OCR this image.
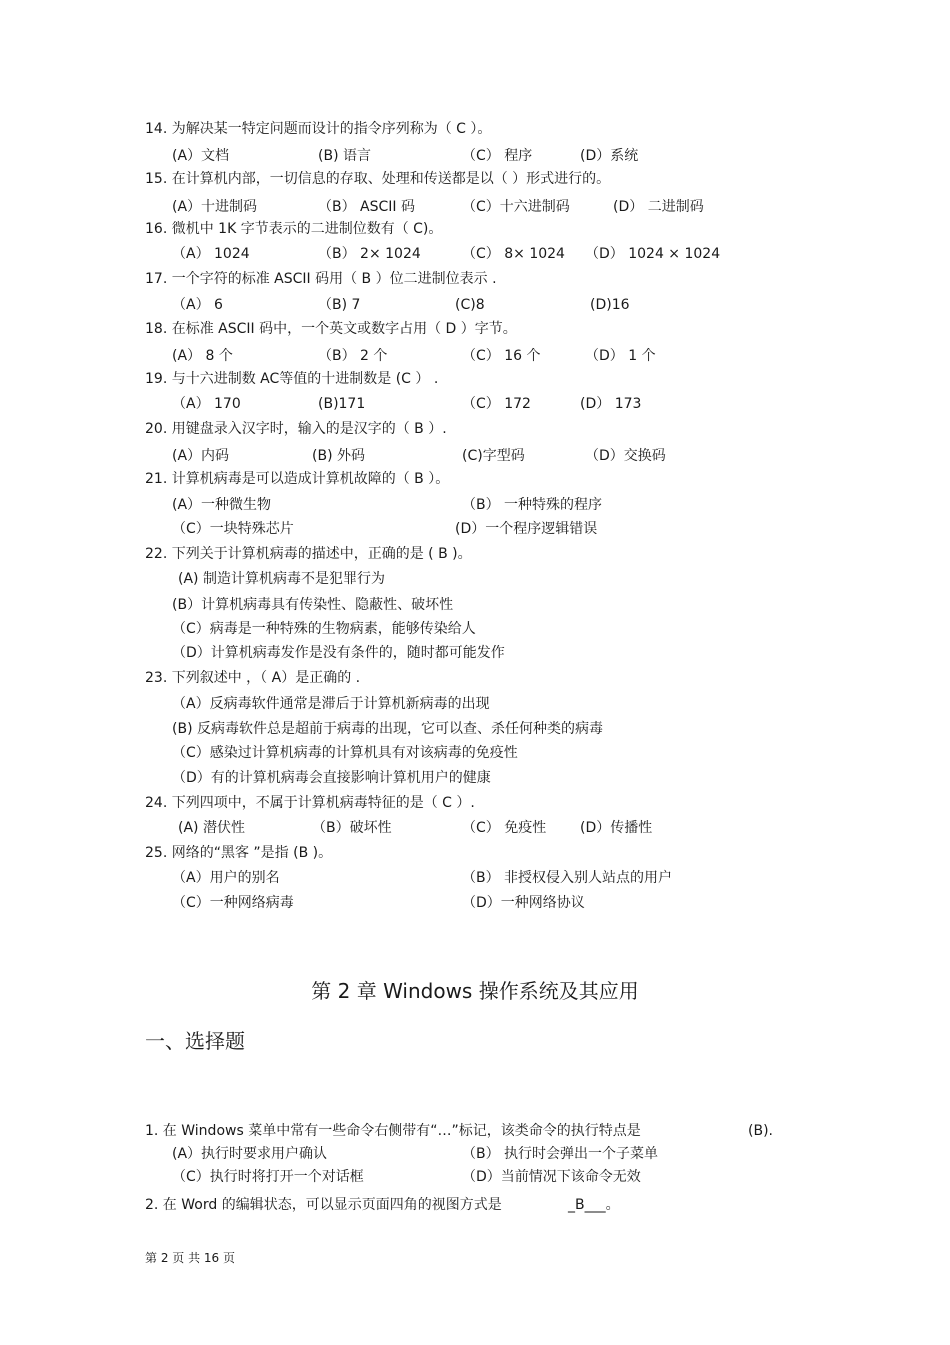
14. 为解决某一特定问题而设计的指令序列称为（ C ）。
(A）文档	(B) 语言	（C） 程序	(D）系统
15. 在计算机内部，一切信息的存取、处理和传送都是以（ ）形式进行的。
(A）十进制码	（B） ASCII 码	（C）十六进制码	(D） 二进制码
16. 微机中 1K 字节表示的二进制位数有（ C)。
（A） 1024	（B） 2× 1024	（C） 8× 1024 （D） 1024 × 1024
17. 一个字符的标准 ASCII 码用（ B ）位二进制位表示 .
（A） 6	（B) 7	(C)8	(D)16
18. 在标准 ASCII 码中，一个英文或数字占用（ D ）字节。
(A） 8 个	（B） 2 个	（C） 16 个	（D） 1 个
19. 与十六进制数 AC等值的十进制数是 (C ） .
（A） 170	(B)171	（C） 172	(D） 173
20. 用键盘录入汉字时，输入的是汉字的（ B ）.
(A）内码	(B) 外码	(C)字型码	（D）交换码
21. 计算机病毒是可以造成计算机故障的（ B ）。
(A）一种微生物	（B） 一种特殊的程序
（C）一块特殊芯片	(D）一个程序逻辑错误
22. 下列关于计算机病毒的描述中，正确的是 ( B )。
(A) 制造计算机病毒不是犯罪行为
(B）计算机病毒具有传染性、隐蔽性、破坏性
（C）病毒是一种特殊的生物病素，能够传染给人
（D）计算机病毒发作是没有条件的，随时都可能发作
23. 下列叙述中 ，（ A）是正确的 .
（A）反病毒软件通常是滞后于计算机新病毒的出现
(B) 反病毒软件总是超前于病毒的出现，它可以查、杀任何种类的病毒
（C）感染过计算机病毒的计算机具有对该病毒的免疫性
（D）有的计算机病毒会直接影响计算机用户的健康
24. 下列四项中，不属于计算机病毒特征的是（ C ）.
(A) 潜伏性	（B）破坏性	（C） 免疫性 (D）传播性
25. 网络的“黑客 ”是指 (B )。
（A）用户的别名	（B） 非授权侵入别人站点的用户
（C）一种网络病毒	（D）一种网络协议
1. 在 Windows 菜单中常有一些命令右侧带有“…”标记，该类命令的执行特点是	(B).
(A）执行时要求用户确认	（B） 执行时会弹出一个子菜单
（C）执行时将打开一个对话框	（D）当前情况下该命令无效
2. 在 Word 的编辑状态，可以显示页面四角的视图方式是	_B___。
第 2 章 Windows 操作系统及其应用
一、选择题
第 2 页 共 16 页
